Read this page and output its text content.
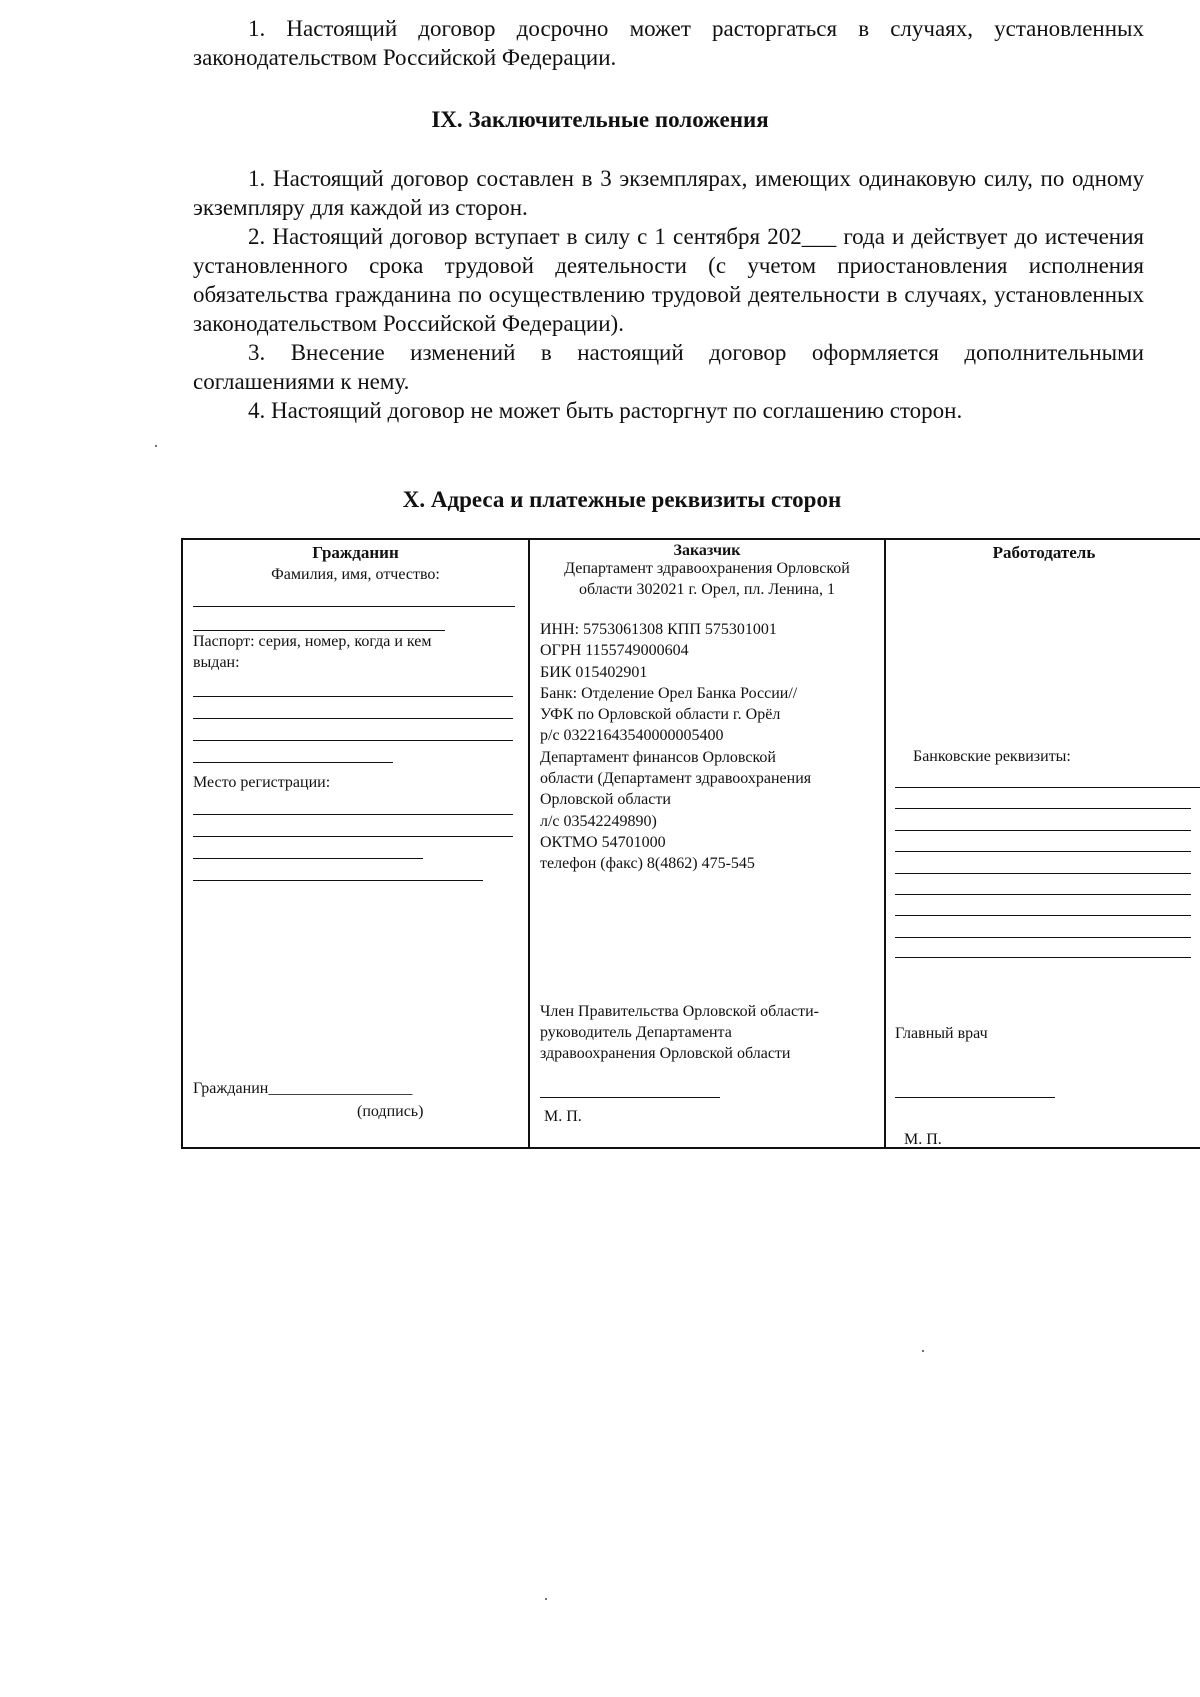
1. Настоящий договор досрочно может расторгаться в случаях, установленных законодательством Российской Федерации.

IX. Заключительные положения

1. Настоящий договор составлен в 3 экземплярах, имеющих одинаковую силу, по одному экземпляру для каждой из сторон.

2. Настоящий договор вступает в силу с 1 сентября 202___ года и действует до истечения установленного срока трудовой деятельности (с учетом приостановления исполнения обязательства гражданина по осуществлению трудовой деятельности в случаях, установленных законодательством Российской Федерации).

3. Внесение изменений в настоящий договор оформляется дополнительными соглашениями к нему.

4. Настоящий договор не может быть расторгнут по соглашению сторон.

X. Адреса и платежные реквизиты сторон

Гражданин

Фамилия, имя, отчество:

Паспорт: серия, номер, когда и кем
выдан:

Место регистрации:

Гражданин__________________

(подпись)

Заказчик

Департамент здравоохранения Орловской
области 302021 г. Орел, пл. Ленина, 1

ИНН: 5753061308 КПП 575301001
ОГРН 1155749000604
БИК 015402901
Банк: Отделение Орел Банка России//
УФК по Орловской области г. Орёл
р/с 03221643540000005400
Департамент финансов Орловской
области (Департамент здравоохранения
Орловской области
л/с 03542249890)
ОКТМО 54701000
телефон (факс) 8(4862) 475-545

Член Правительства Орловской области-
руководитель Департамента
здравоохранения Орловской области

М. П.

Работодатель

Банковские реквизиты:

Главный врач

М. П.
